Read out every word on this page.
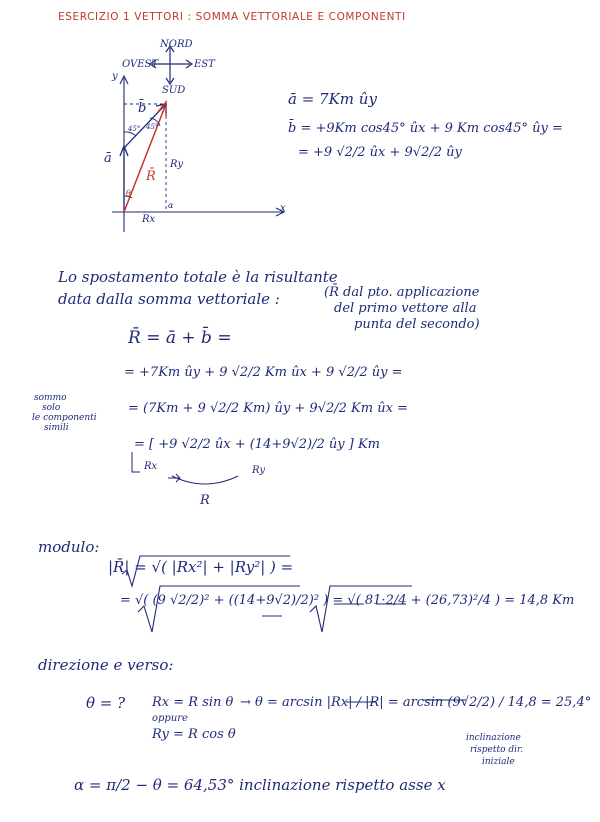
ESERCIZIO 1 VETTORI : SOMMA VETTORIALE E COMPONENTI
NORD
SUD
EST
OVEST
y
x
ā
b̄
R̄
Ry
Rx
45° 45°
θ
α
ā = 7Km ûy
b̄ = +9Km cos45° ûx + 9 Km cos45° ûy =
= +9 √2/2 ûx + 9√2/2 ûy
Lo spostamento totale è la risultante
data dalla somma vettoriale :	(R̄ dal pto. applicazione
del primo vettore alla
punta del secondo)
R̄ = ā + b̄ =
= +7Km ûy + 9 √2/2 Km ûx + 9 √2/2 ûy =
= (7Km + 9 √2/2 Km) ûy + 9√2/2 Km ûx =
= [ +9 √2/2 ûx + (14+9√2)/2 ûy ] Km
Rx	Ry
R
sommo
solo
le componenti
simili
modulo:
|R̄| = √( |Rx²| + |Ry²| ) =
= √( (9 √2/2)² + ((14+9√2)/2)² ) = √( 81·2/4 + (26,73)²/4 ) = 14,8 Km
direzione e verso:
θ = ? Rx = R sin θ
oppure
Ry = R cos θ
→ θ = arcsin |Rx| / |R| = arcsin (9√2/2) / 14,8 = 25,4°
inclinazione
rispetto dir.
iniziale
α = π/2 − θ = 64,53° inclinazione rispetto asse x
